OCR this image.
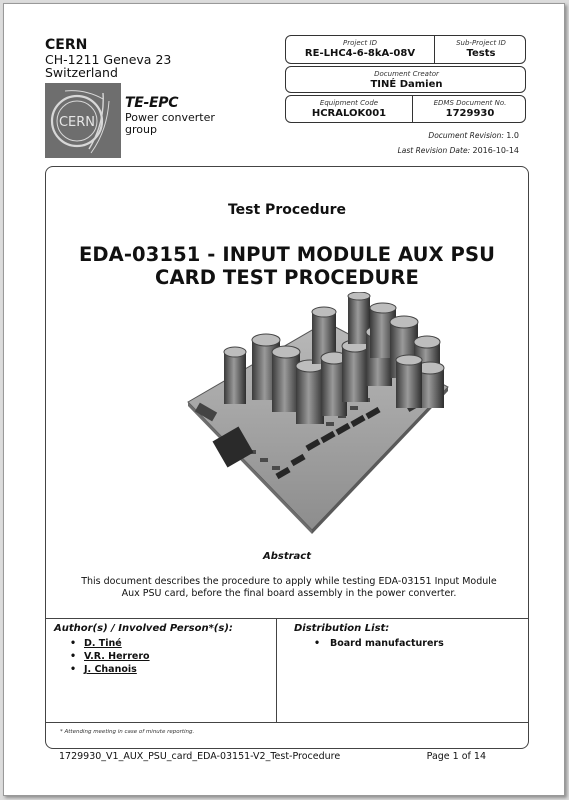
CERN
CH-1211 Geneva 23
Switzerland
CERN
TE-EPC
Power converter
group
Project ID
RE-LHC4-6-8kA-08V
Sub-Project ID
Tests
Document Creator
TINÉ Damien
Equipment Code
HCRALOK001
EDMS Document No.
1729930
Document Revision: 1.0
Last Revision Date: 2016-10-14
Test Procedure
EDA-03151 - INPUT MODULE AUX PSU
CARD TEST PROCEDURE
Abstract
This document describes the procedure to apply while testing EDA-03151 Input Module Aux PSU card, before the final board assembly in the power converter.
Author(s) / Involved Person*(s):
• D. Tiné
• V.R. Herrero
• J. Chanois
Distribution List:
• Board manufacturers
* Attending meeting in case of minute reporting.
1729930_V1_AUX_PSU_card_EDA-03151-V2_Test-Procedure	Page 1 of 14
